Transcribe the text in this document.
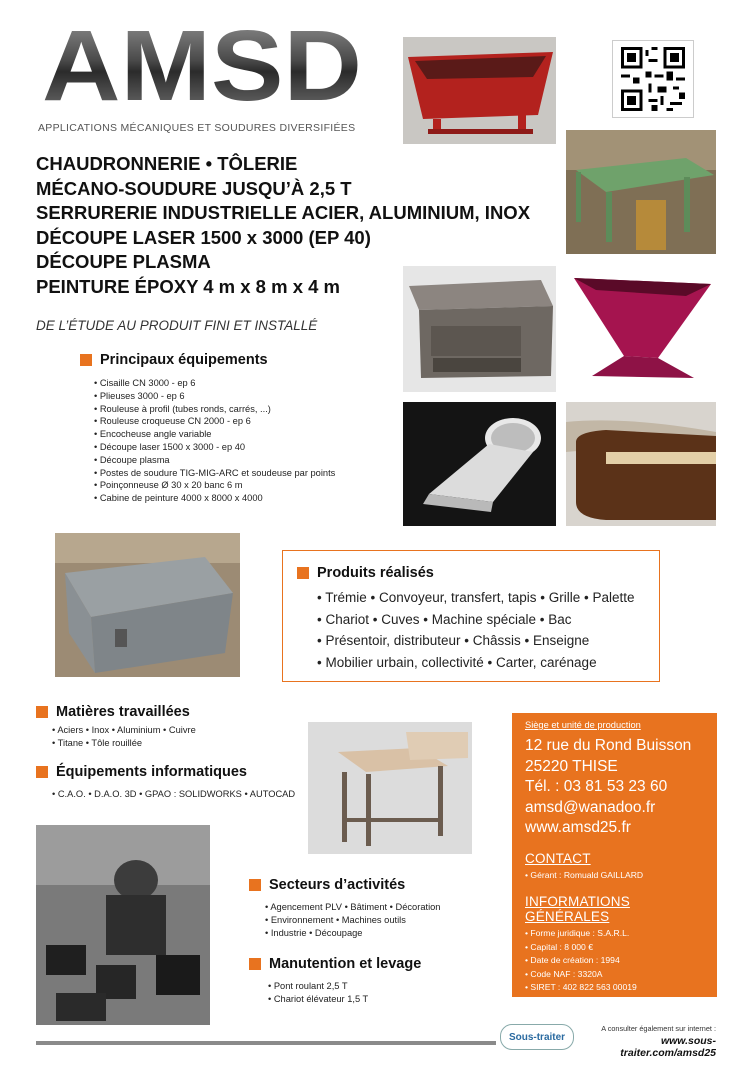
AMSD
APPLICATIONS MÉCANIQUES ET SOUDURES DIVERSIFIÉES
CHAUDRONNERIE • TÔLERIE
MÉCANO-SOUDURE JUSQU’À 2,5 T
SERRURERIE INDUSTRIELLE ACIER, ALUMINIUM, INOX
DÉCOUPE LASER 1500 x 3000 (EP 40)
DÉCOUPE PLASMA
PEINTURE ÉPOXY 4 m x 8 m x 4 m
DE L’ÉTUDE AU PRODUIT FINI ET INSTALLÉ
Principaux équipements
• Cisaille CN 3000 - ep 6
• Plieuses 3000 - ep 6
• Rouleuse à profil (tubes ronds, carrés, ...)
• Rouleuse croqueuse CN 2000 - ep 6
• Encocheuse angle variable
• Découpe laser 1500 x 3000 - ep 40
• Découpe plasma
• Postes de soudure TIG-MIG-ARC et soudeuse par points
• Poinçonneuse Ø 30 x 20 banc 6 m
• Cabine de peinture 4000 x 8000 x 4000
Produits réalisés
• Trémie • Convoyeur, transfert, tapis • Grille • Palette
• Chariot • Cuves • Machine spéciale • Bac
• Présentoir, distributeur • Châssis • Enseigne
• Mobilier urbain, collectivité • Carter, carénage
Matières travaillées
• Aciers • Inox • Aluminium • Cuivre
• Titane • Tôle rouillée
Équipements informatiques
• C.A.O. • D.A.O. 3D • GPAO : SOLIDWORKS • AUTOCAD
Secteurs d’activités
• Agencement PLV • Bâtiment • Décoration
• Environnement • Machines outils
• Industrie • Découpage
Manutention et levage
• Pont roulant 2,5 T
• Chariot élévateur 1,5 T
Siège et unité de production
12 rue du Rond Buisson
25220 THISE
Tél. : 03 81 53 23 60
amsd@wanadoo.fr
www.amsd25.fr
CONTACT
• Gérant : Romuald GAILLARD
INFORMATIONS GÉNÉRALES
• Forme juridique : S.A.R.L.
• Capital : 8 000 €
• Date de création : 1994
• Code NAF : 3320A
• SIRET : 402 822 563 00019
Sous-traiter
A consulter également sur internet :
www.sous-traiter.com/amsd25
